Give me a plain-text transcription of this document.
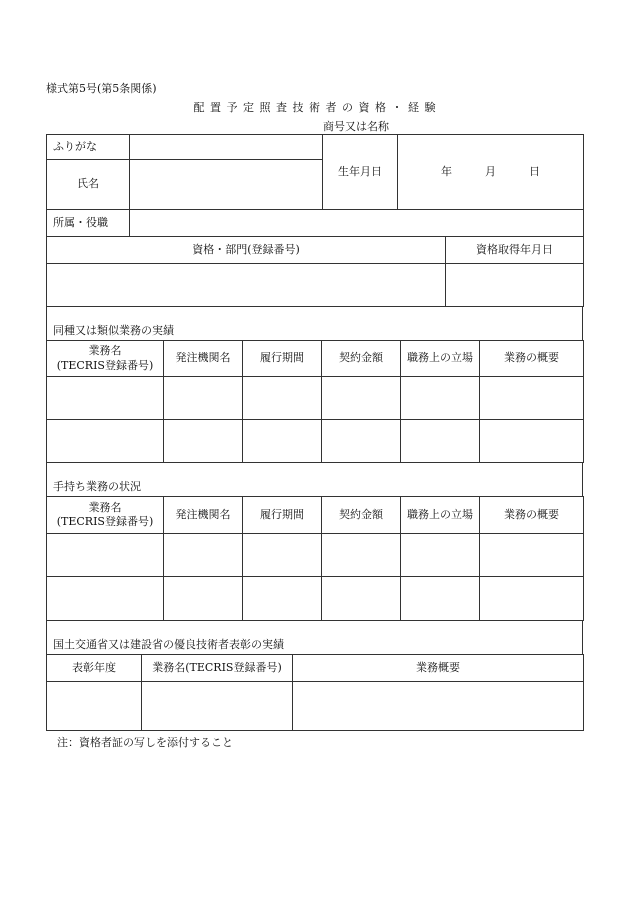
様式第5号(第5条関係)
配 置 予 定 照 査 技 術 者 の 資 格 ・ 経 験
商号又は名称
ふりがな		生年月日	年 月 日
氏名			
所属・役職			
資格・部門(登録番号)	資格取得年月日

同種又は類似業務の実績
業務名
(TECRIS登録番号)	発注機関名	履行期間	契約金額	職務上の立場	業務の概要

手持ち業務の状況
業務名
(TECRIS登録番号)	発注機関名	履行期間	契約金額	職務上の立場	業務の概要

国土交通省又は建設省の優良技術者表彰の実績
表彰年度	業務名(TECRIS登録番号)	業務概要

注：資格者証の写しを添付すること
